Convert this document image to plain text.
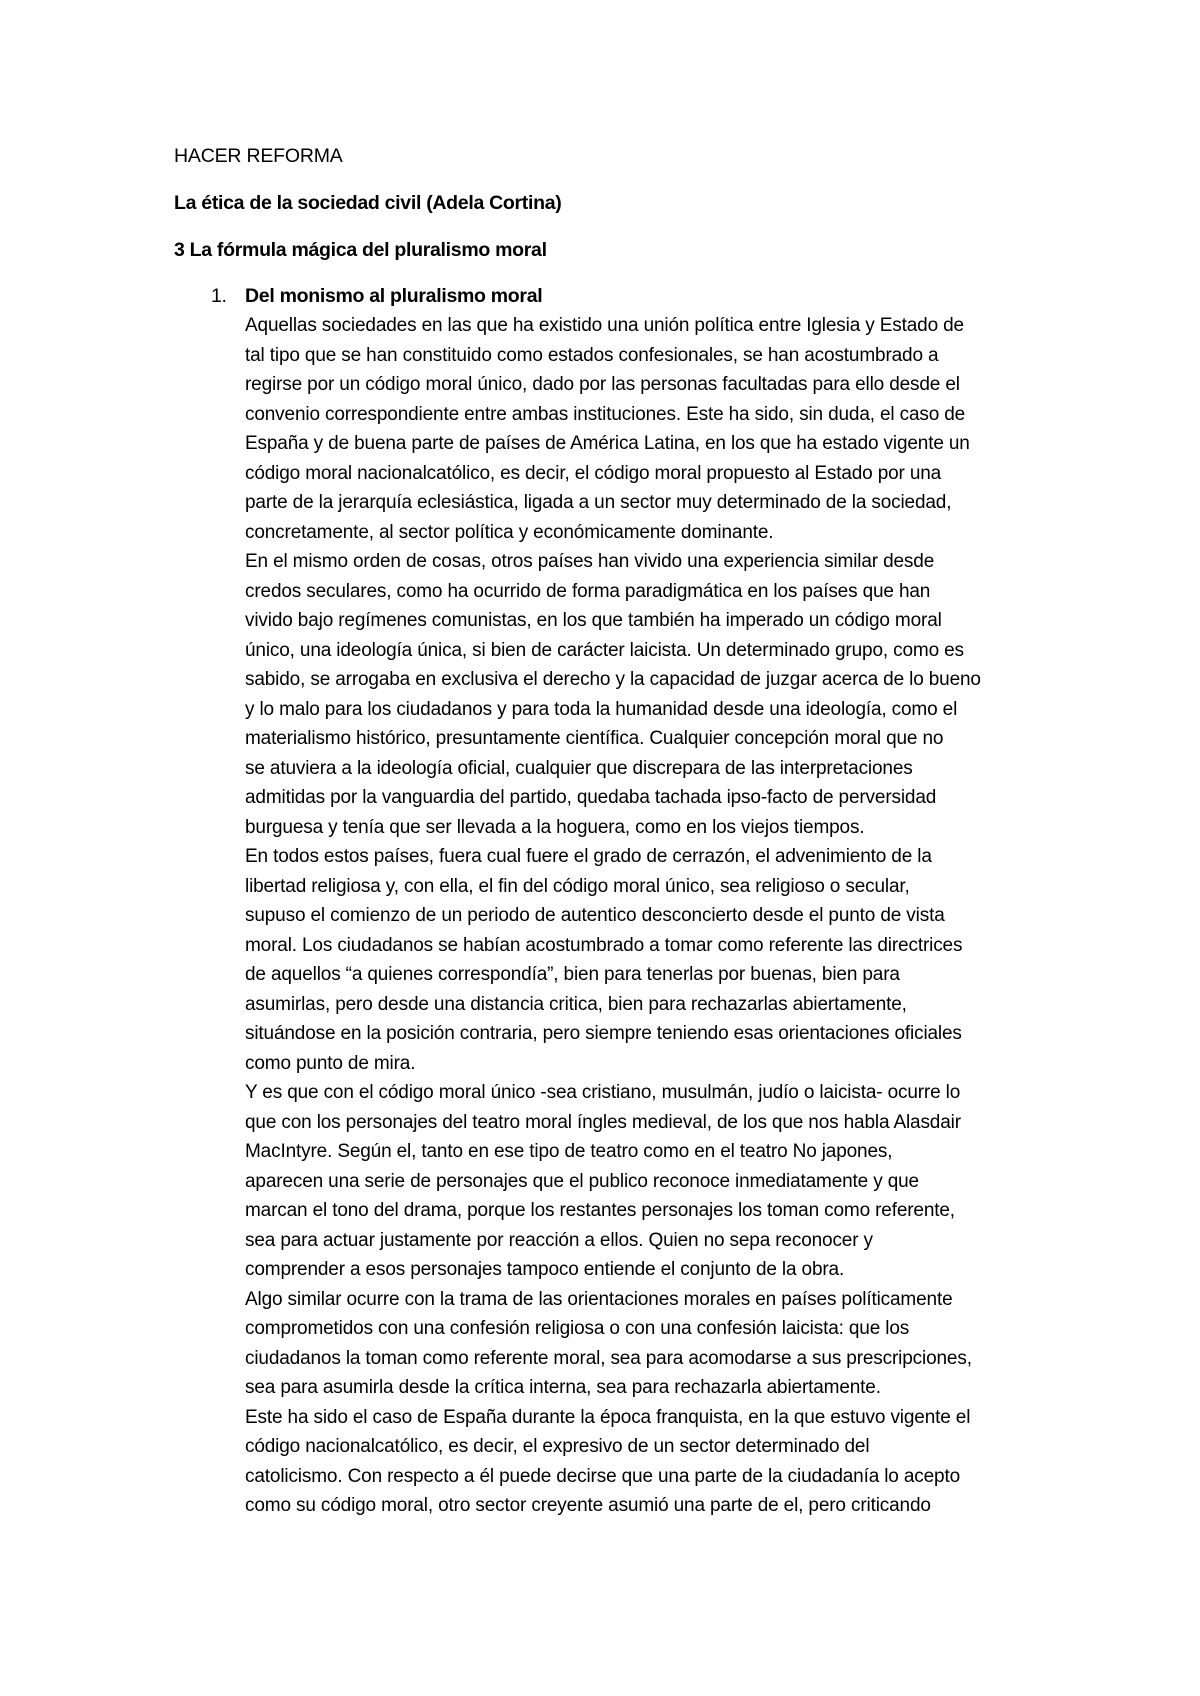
HACER REFORMA

La ética de la sociedad civil (Adela Cortina)

3 La fórmula mágica del pluralismo moral

1. Del monismo al pluralismo moral

Aquellas sociedades en las que ha existido una unión política entre Iglesia y Estado de
tal tipo que se han constituido como estados confesionales, se han acostumbrado a
regirse por un código moral único, dado por las personas facultadas para ello desde el
convenio correspondiente entre ambas instituciones. Este ha sido, sin duda, el caso de
España y de buena parte de países de América Latina, en los que ha estado vigente un
código moral nacionalcatólico, es decir, el código moral propuesto al Estado por una
parte de la jerarquía eclesiástica, ligada a un sector muy determinado de la sociedad,
concretamente, al sector política y económicamente dominante.
En el mismo orden de cosas, otros países han vivido una experiencia similar desde
credos seculares, como ha ocurrido de forma paradigmática en los países que han
vivido bajo regímenes comunistas, en los que también ha imperado un código moral
único, una ideología única, si bien de carácter laicista. Un determinado grupo, como es
sabido, se arrogaba en exclusiva el derecho y la capacidad de juzgar acerca de lo bueno
y lo malo para los ciudadanos y para toda la humanidad desde una ideología, como el
materialismo histórico, presuntamente científica. Cualquier concepción moral que no
se atuviera a la ideología oficial, cualquier que discrepara de las interpretaciones
admitidas por la vanguardia del partido, quedaba tachada ipso-facto de perversidad
burguesa y tenía que ser llevada a la hoguera, como en los viejos tiempos.
En todos estos países, fuera cual fuere el grado de cerrazón, el advenimiento de la
libertad religiosa y, con ella, el fin del código moral único, sea religioso o secular,
supuso el comienzo de un periodo de autentico desconcierto desde el punto de vista
moral. Los ciudadanos se habían acostumbrado a tomar como referente las directrices
de aquellos “a quienes correspondía”, bien para tenerlas por buenas, bien para
asumirlas, pero desde una distancia critica, bien para rechazarlas abiertamente,
situándose en la posición contraria, pero siempre teniendo esas orientaciones oficiales
como punto de mira.
Y es que con el código moral único -sea cristiano, musulmán, judío o laicista- ocurre lo
que con los personajes del teatro moral íngles medieval, de los que nos habla Alasdair
MacIntyre. Según el, tanto en ese tipo de teatro como en el teatro No japones,
aparecen una serie de personajes que el publico reconoce inmediatamente y que
marcan el tono del drama, porque los restantes personajes los toman como referente,
sea para actuar justamente por reacción a ellos. Quien no sepa reconocer y
comprender a esos personajes tampoco entiende el conjunto de la obra.
Algo similar ocurre con la trama de las orientaciones morales en países políticamente
comprometidos con una confesión religiosa o con una confesión laicista: que los
ciudadanos la toman como referente moral, sea para acomodarse a sus prescripciones,
sea para asumirla desde la crítica interna, sea para rechazarla abiertamente.
Este ha sido el caso de España durante la época franquista, en la que estuvo vigente el
código nacionalcatólico, es decir, el expresivo de un sector determinado del
catolicismo. Con respecto a él puede decirse que una parte de la ciudadanía lo acepto
como su código moral, otro sector creyente asumió una parte de el, pero criticando
